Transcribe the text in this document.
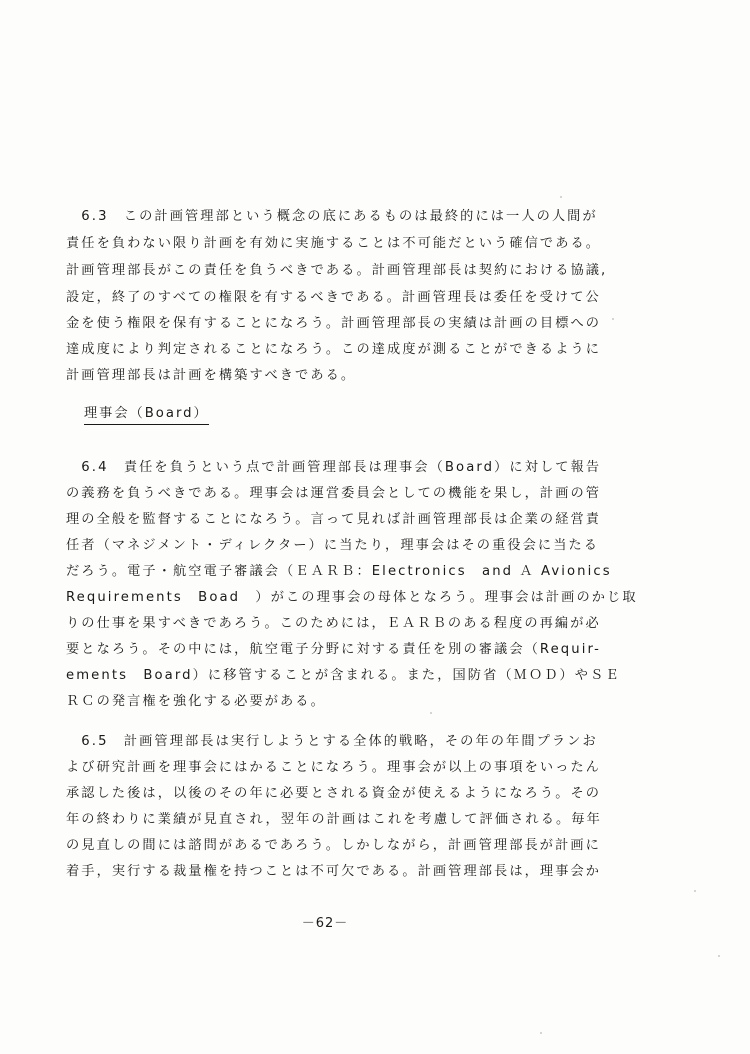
　6.3　この計画管理部という概念の底にあるものは最終的には一人の人間が
責任を負わない限り計画を有効に実施することは不可能だという確信である。
計画管理部長がこの責任を負うべきである。計画管理部長は契約における協議,
設定，終了のすべての権限を有するべきである。計画管理長は委任を受けて公
金を使う権限を保有することになろう。計画管理部長の実績は計画の目標への
達成度により判定されることになろう。この達成度が測ることができるように
計画管理部長は計画を構築すべきである。
理事会（Board）
　6.4　責任を負うという点で計画管理部長は理事会（Board）に対して報告
の義務を負うべきである。理事会は運営委員会としての機能を果し，計画の管
理の全般を監督することになろう。言って見れば計画管理部長は企業の経営責
任者（マネジメント・ディレクター）に当たり，理事会はその重役会に当たる
だろう。電子・航空電子審議会（ＥＡＲＢ：Electronics　and Ａ Avionics
Requirements　Boad　）がこの理事会の母体となろう。理事会は計画のかじ取
りの仕事を果すべきであろう。このためには，ＥＡＲＢのある程度の再編が必
要となろう。その中には，航空電子分野に対する責任を別の審議会（Requir-
ements　Board）に移管することが含まれる。また，国防省（ＭＯＤ）やＳＥ
ＲＣの発言権を強化する必要がある。
　6.5　計画管理部長は実行しようとする全体的戦略，その年の年間プランお
よび研究計画を理事会にはかることになろう。理事会が以上の事項をいったん
承認した後は，以後のその年に必要とされる資金が使えるようになろう。その
年の終わりに業績が見直され，翌年の計画はこれを考慮して評価される。毎年
の見直しの間には諮問があるであろう。しかしながら，計画管理部長が計画に
着手，実行する裁量権を持つことは不可欠である。計画管理部長は，理事会か
－62－
